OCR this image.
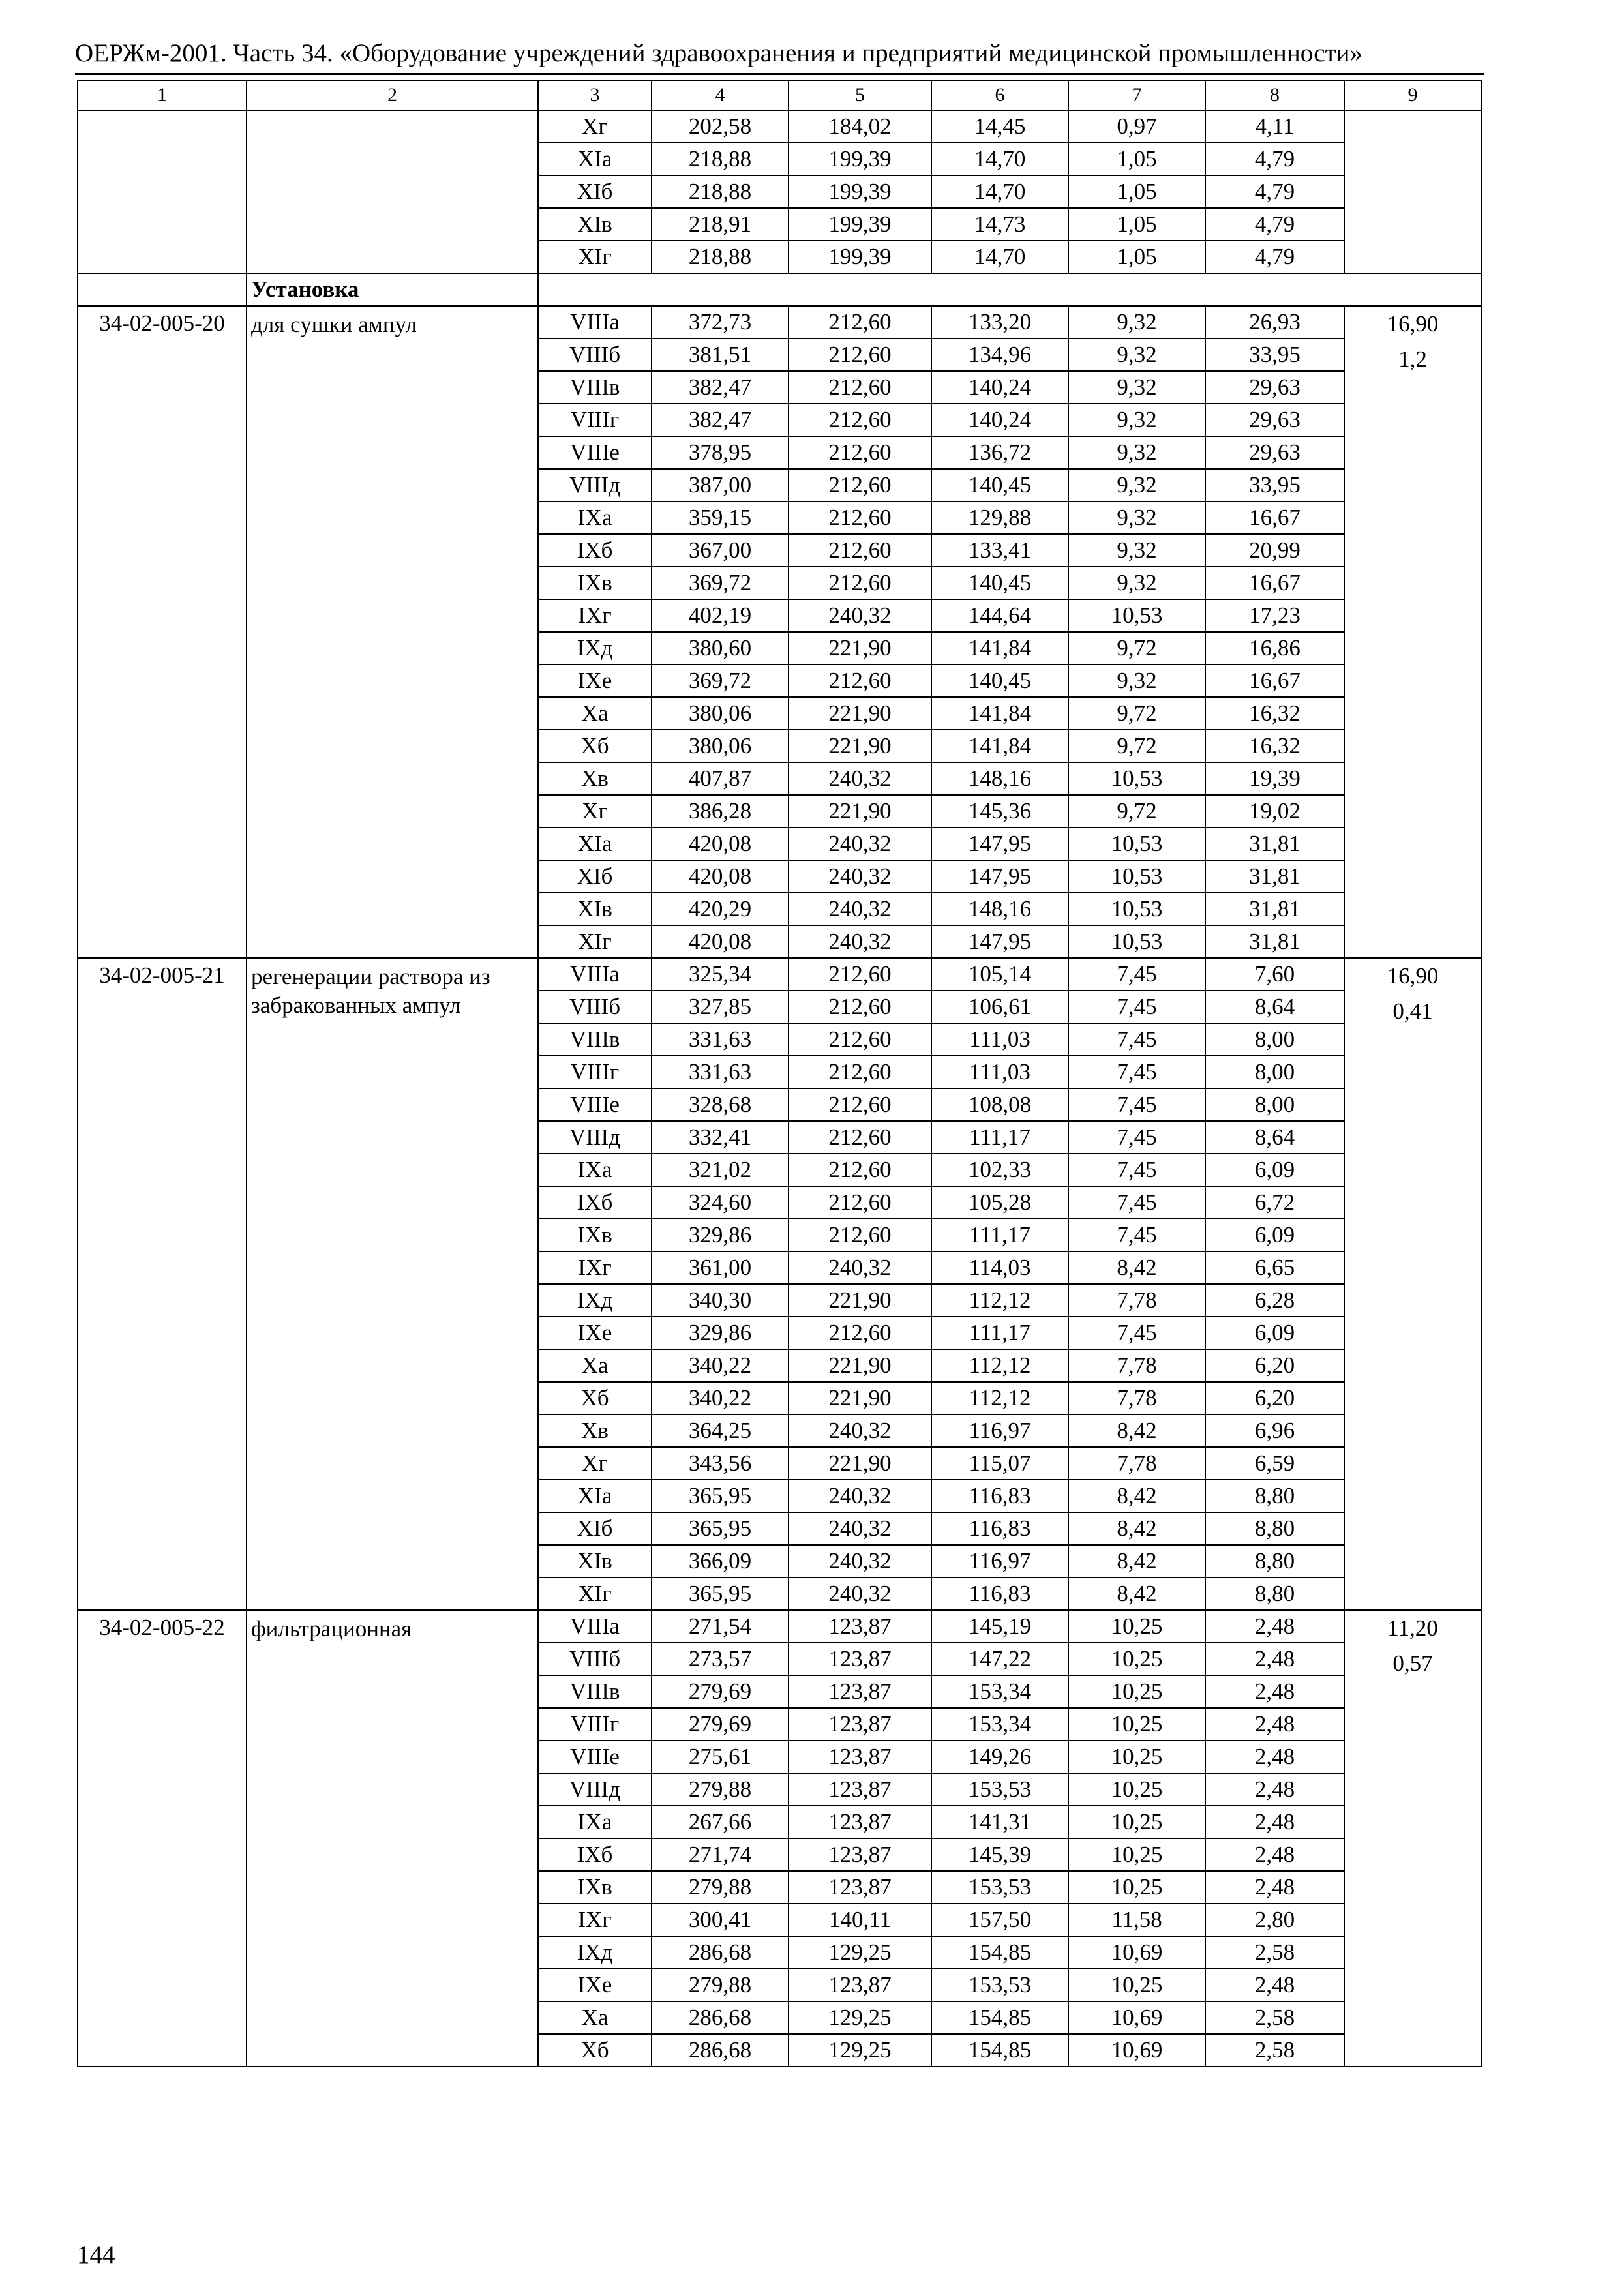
ОЕРЖм-2001. Часть 34. «Оборудование учреждений здравоохранения и предприятий медицинской промышленности»
1	2	3	4	5	6	7	8	9
		Xг	202,58	184,02	14,45	0,97	4,11	
		XIа	218,88	199,39	14,70	1,05	4,79	
		XIб	218,88	199,39	14,70	1,05	4,79	
		XIв	218,91	199,39	14,73	1,05	4,79	
		XIг	218,88	199,39	14,70	1,05	4,79	
	Установка							
34-02-005-20	для сушки ампул	VIIIа	372,73	212,60	133,20	9,32	26,93	16,90
1,2

		VIIIб	381,51	212,60	134,96	9,32	33,95	
		VIIIв	382,47	212,60	140,24	9,32	29,63	
		VIIIг	382,47	212,60	140,24	9,32	29,63	
		VIIIе	378,95	212,60	136,72	9,32	29,63	
		VIIIд	387,00	212,60	140,45	9,32	33,95	
		IXа	359,15	212,60	129,88	9,32	16,67	
		IXб	367,00	212,60	133,41	9,32	20,99	
		IXв	369,72	212,60	140,45	9,32	16,67	
		IXг	402,19	240,32	144,64	10,53	17,23	
		IXд	380,60	221,90	141,84	9,72	16,86	
		IXе	369,72	212,60	140,45	9,32	16,67	
		Xа	380,06	221,90	141,84	9,72	16,32	
		Xб	380,06	221,90	141,84	9,72	16,32	
		Xв	407,87	240,32	148,16	10,53	19,39	
		Xг	386,28	221,90	145,36	9,72	19,02	
		XIа	420,08	240,32	147,95	10,53	31,81	
		XIб	420,08	240,32	147,95	10,53	31,81	
		XIв	420,29	240,32	148,16	10,53	31,81	
		XIг	420,08	240,32	147,95	10,53	31,81	
34-02-005-21	регенерации раствора из забракованных ампул	VIIIа	325,34	212,60	105,14	7,45	7,60	16,90
0,41

		VIIIб	327,85	212,60	106,61	7,45	8,64	
		VIIIв	331,63	212,60	111,03	7,45	8,00	
		VIIIг	331,63	212,60	111,03	7,45	8,00	
		VIIIе	328,68	212,60	108,08	7,45	8,00	
		VIIIд	332,41	212,60	111,17	7,45	8,64	
		IXа	321,02	212,60	102,33	7,45	6,09	
		IXб	324,60	212,60	105,28	7,45	6,72	
		IXв	329,86	212,60	111,17	7,45	6,09	
		IXг	361,00	240,32	114,03	8,42	6,65	
		IXд	340,30	221,90	112,12	7,78	6,28	
		IXе	329,86	212,60	111,17	7,45	6,09	
		Xа	340,22	221,90	112,12	7,78	6,20	
		Xб	340,22	221,90	112,12	7,78	6,20	
		Xв	364,25	240,32	116,97	8,42	6,96	
		Xг	343,56	221,90	115,07	7,78	6,59	
		XIа	365,95	240,32	116,83	8,42	8,80	
		XIб	365,95	240,32	116,83	8,42	8,80	
		XIв	366,09	240,32	116,97	8,42	8,80	
		XIг	365,95	240,32	116,83	8,42	8,80	
34-02-005-22	фильтрационная	VIIIа	271,54	123,87	145,19	10,25	2,48	11,20
0,57

		VIIIб	273,57	123,87	147,22	10,25	2,48	
		VIIIв	279,69	123,87	153,34	10,25	2,48	
		VIIIг	279,69	123,87	153,34	10,25	2,48	
		VIIIе	275,61	123,87	149,26	10,25	2,48	
		VIIIд	279,88	123,87	153,53	10,25	2,48	
		IXа	267,66	123,87	141,31	10,25	2,48	
		IXб	271,74	123,87	145,39	10,25	2,48	
		IXв	279,88	123,87	153,53	10,25	2,48	
		IXг	300,41	140,11	157,50	11,58	2,80	
		IXд	286,68	129,25	154,85	10,69	2,58	
		IXе	279,88	123,87	153,53	10,25	2,48	
		Xа	286,68	129,25	154,85	10,69	2,58	
		Xб	286,68	129,25	154,85	10,69	2,58	
144
